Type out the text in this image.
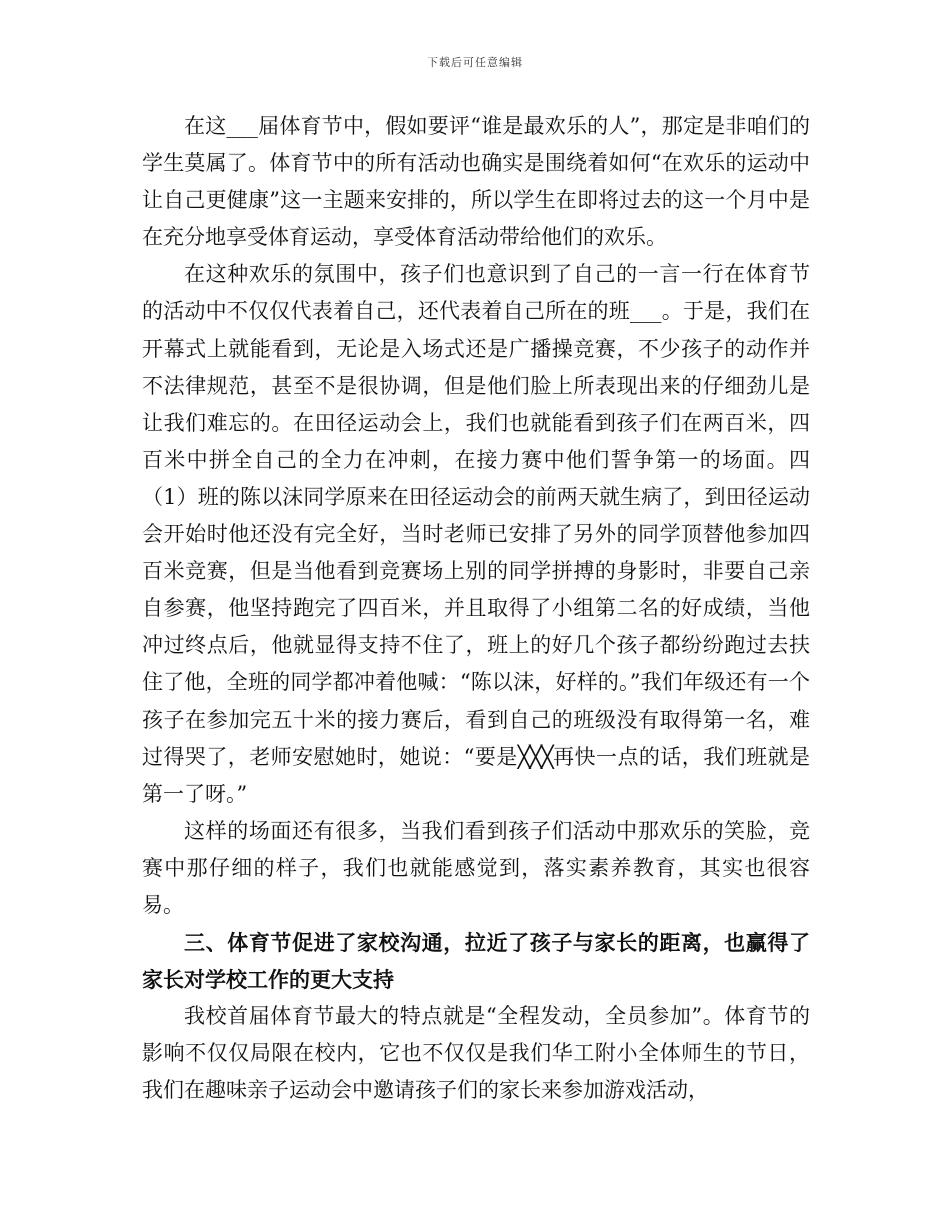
下载后可任意编辑

在这___届体育节中，假如要评“谁是最欢乐的人”，那定是非咱们的学生莫属了。体育节中的所有活动也确实是围绕着如何“在欢乐的运动中让自己更健康”这一主题来安排的，所以学生在即将过去的这一个月中是在充分地享受体育运动，享受体育活动带给他们的欢乐。

在这种欢乐的氛围中，孩子们也意识到了自己的一言一行在体育节的活动中不仅仅代表着自己，还代表着自己所在的班___。于是，我们在开幕式上就能看到，无论是入场式还是广播操竞赛，不少孩子的动作并不法律规范，甚至不是很协调，但是他们脸上所表现出来的仔细劲儿是让我们难忘的。在田径运动会上，我们也就能看到孩子们在两百米，四百米中拼全自己的全力在冲刺，在接力赛中他们誓争第一的场面。四（1）班的陈以沫同学原来在田径运动会的前两天就生病了，到田径运动会开始时他还没有完全好，当时老师已安排了另外的同学顶替他参加四百米竞赛，但是当他看到竞赛场上别的同学拼搏的身影时，非要自己亲自参赛，他坚持跑完了四百米，并且取得了小组第二名的好成绩，当他冲过终点后，他就显得支持不住了，班上的好几个孩子都纷纷跑过去扶住了他，全班的同学都冲着他喊：“陈以沫，好样的。”我们年级还有一个孩子在参加完五十米的接力赛后，看到自己的班级没有取得第一名，难过得哭了，老师安慰她时，她说：“要是╳╳╳再快一点的话，我们班就是第一了呀。”

这样的场面还有很多，当我们看到孩子们活动中那欢乐的笑脸，竞赛中那仔细的样子，我们也就能感觉到，落实素养教育，其实也很容易。

三、体育节促进了家校沟通，拉近了孩子与家长的距离，也赢得了家长对学校工作的更大支持

我校首届体育节最大的特点就是“全程发动，全员参加”。体育节的影响不仅仅局限在校内，它也不仅仅是我们华工附小全体师生的节日，我们在趣味亲子运动会中邀请孩子们的家长来参加游戏活动，
